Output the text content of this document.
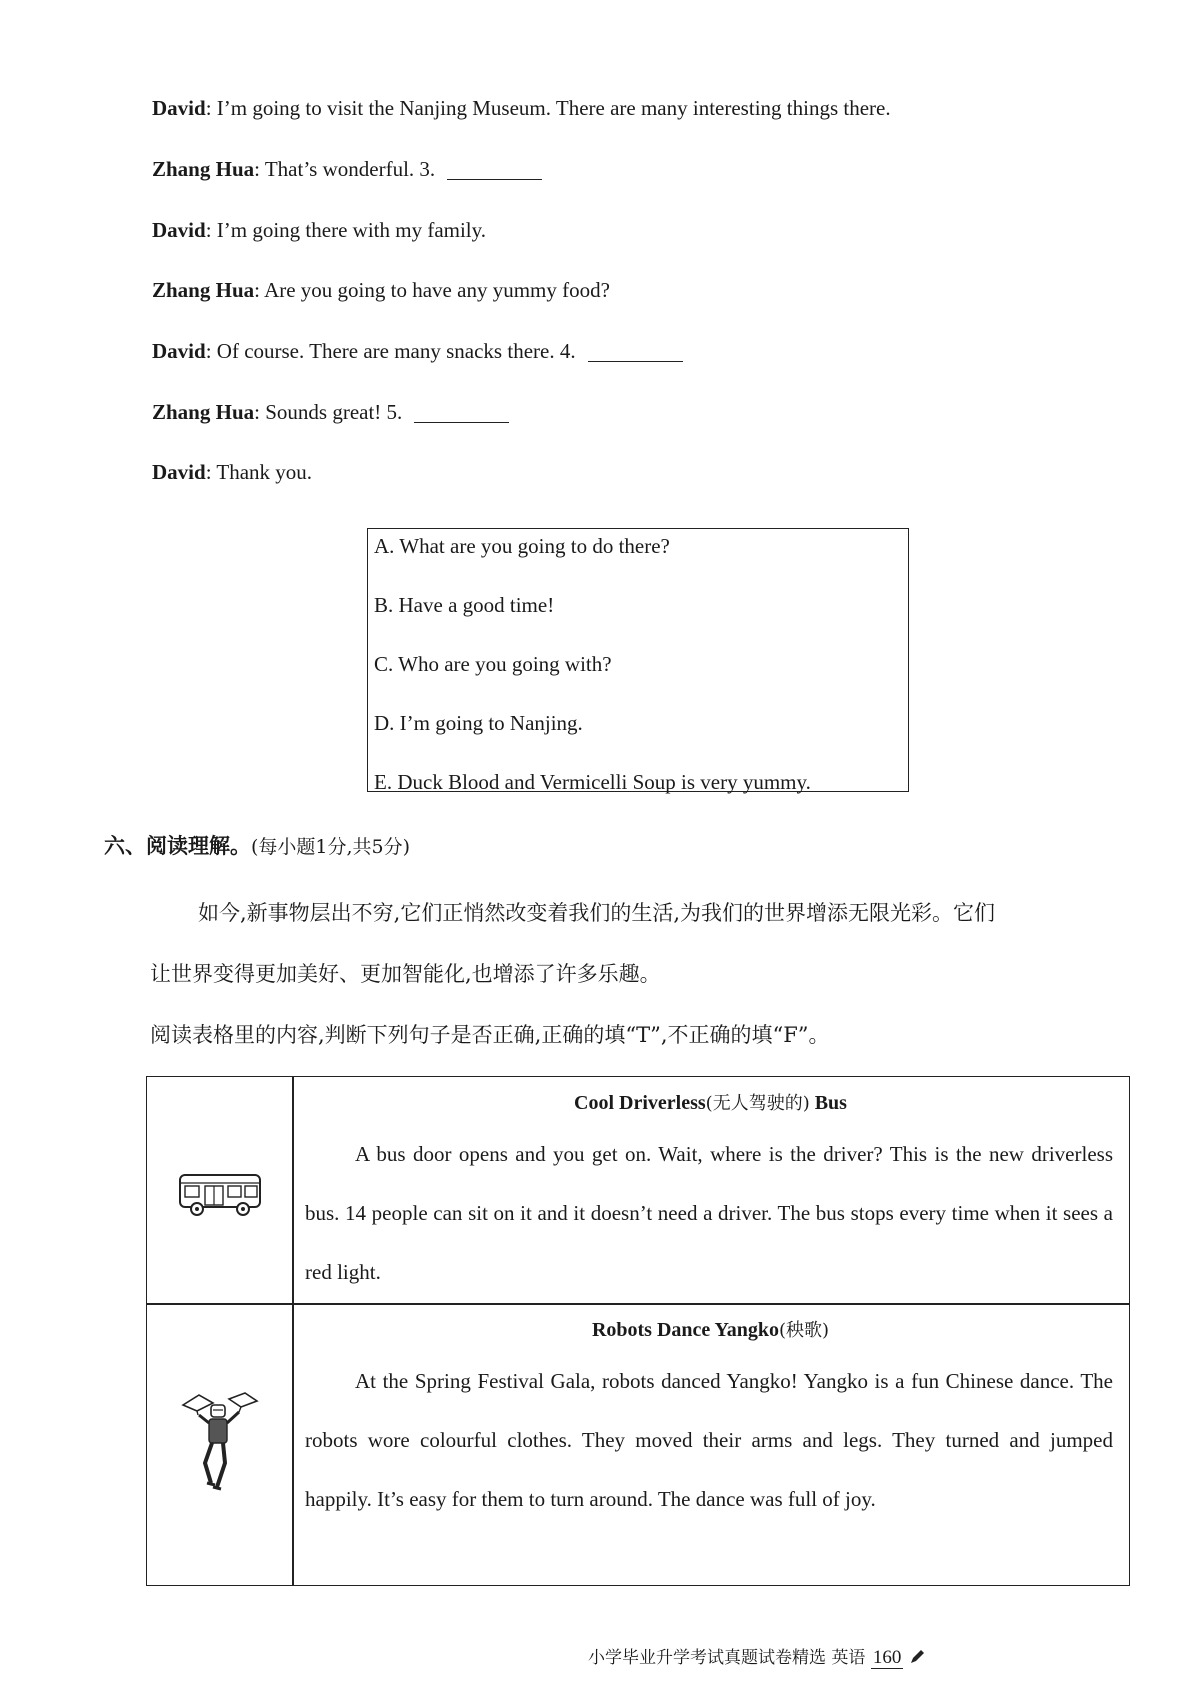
David: I’m going to visit the Nanjing Museum. There are many interesting things there.
Zhang Hua: That’s wonderful. 3.
David: I’m going there with my family.
Zhang Hua: Are you going to have any yummy food?
David: Of course. There are many snacks there. 4.
Zhang Hua: Sounds great! 5.
David: Thank you.
A. What are you going to do there?
B. Have a good time!
C. Who are you going with?
D. I’m going to Nanjing.
E. Duck Blood and Vermicelli Soup is very yummy.
六、阅读理解。(每小题1分,共5分)
如今,新事物层出不穷,它们正悄然改变着我们的生活,为我们的世界增添无限光彩。它们
让世界变得更加美好、更加智能化,也增添了许多乐趣。
阅读表格里的内容,判断下列句子是否正确,正确的填“T”,不正确的填“F”。
Cool Driverless(无人驾驶的) Bus

A bus door opens and you get on. Wait, where is the driver? This is the new driverless bus. 14 people can sit on it and it doesn’t need a driver. The bus stops every time when it sees a red light.

Robots Dance Yangko(秧歌)

At the Spring Festival Gala, robots danced Yangko! Yangko is a fun Chinese dance. The robots wore colourful clothes. They moved their arms and legs. They turned and jumped happily. It’s easy for them to turn around. The dance was full of joy.

小学毕业升学考试真题试卷精选 英语 160
